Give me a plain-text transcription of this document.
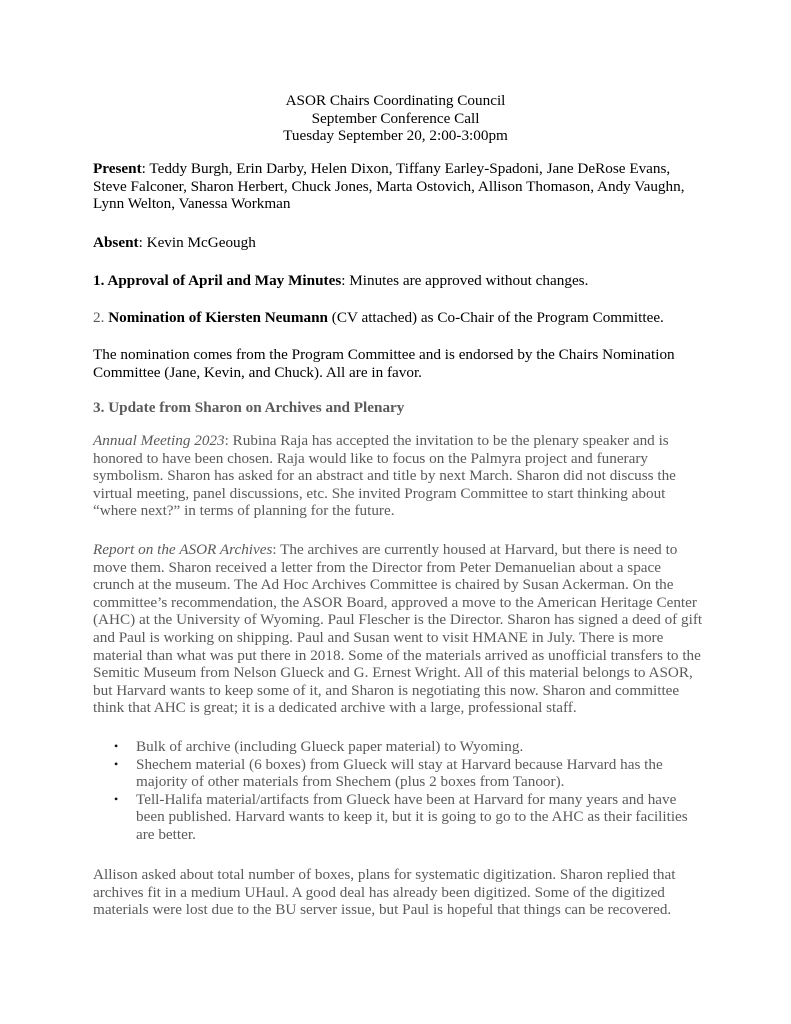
ASOR Chairs Coordinating Council
September Conference Call
Tuesday September 20, 2:00-3:00pm

Present: Teddy Burgh, Erin Darby, Helen Dixon, Tiffany Earley-Spadoni, Jane DeRose Evans, Steve Falconer, Sharon Herbert, Chuck Jones, Marta Ostovich, Allison Thomason, Andy Vaughn, Lynn Welton, Vanessa Workman

Absent: Kevin McGeough

1. Approval of April and May Minutes: Minutes are approved without changes.

2. Nomination of Kiersten Neumann (CV attached) as Co-Chair of the Program Committee.

The nomination comes from the Program Committee and is endorsed by the Chairs Nomination Committee (Jane, Kevin, and Chuck). All are in favor.

3. Update from Sharon on Archives and Plenary

Annual Meeting 2023: Rubina Raja has accepted the invitation to be the plenary speaker and is honored to have been chosen. Raja would like to focus on the Palmyra project and funerary symbolism. Sharon has asked for an abstract and title by next March. Sharon did not discuss the virtual meeting, panel discussions, etc. She invited Program Committee to start thinking about “where next?” in terms of planning for the future.

Report on the ASOR Archives: The archives are currently housed at Harvard, but there is need to move them. Sharon received a letter from the Director from Peter Demanuelian about a space crunch at the museum. The Ad Hoc Archives Committee is chaired by Susan Ackerman. On the committee’s recommendation, the ASOR Board, approved a move to the American Heritage Center (AHC) at the University of Wyoming. Paul Flescher is the Director. Sharon has signed a deed of gift and Paul is working on shipping. Paul and Susan went to visit HMANE in July. There is more material than what was put there in 2018. Some of the materials arrived as unofficial transfers to the Semitic Museum from Nelson Glueck and G. Ernest Wright. All of this material belongs to ASOR, but Harvard wants to keep some of it, and Sharon is negotiating this now. Sharon and committee think that AHC is great; it is a dedicated archive with a large, professional staff.

• Bulk of archive (including Glueck paper material) to Wyoming.
• Shechem material (6 boxes) from Glueck will stay at Harvard because Harvard has the majority of other materials from Shechem (plus 2 boxes from Tanoor).
• Tell-Halifa material/artifacts from Glueck have been at Harvard for many years and have been published. Harvard wants to keep it, but it is going to go to the AHC as their facilities are better.

Allison asked about total number of boxes, plans for systematic digitization. Sharon replied that archives fit in a medium UHaul. A good deal has already been digitized. Some of the digitized materials were lost due to the BU server issue, but Paul is hopeful that things can be recovered.
